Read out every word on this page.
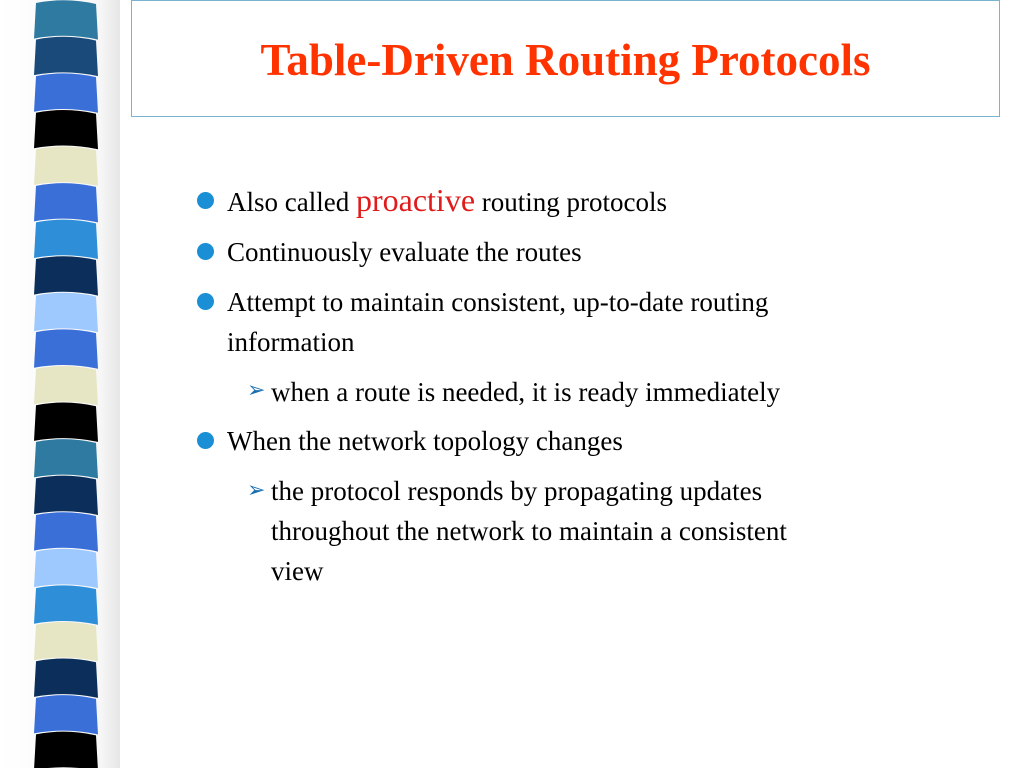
Table-Driven Routing Protocols
Also called proactive routing protocols
Continuously evaluate the routes
Attempt to maintain consistent, up-to-date routing
information
➢ when a route is needed, it is ready immediately
When the network topology changes
➢ the protocol responds by propagating updates
throughout the network to maintain a consistent
view
